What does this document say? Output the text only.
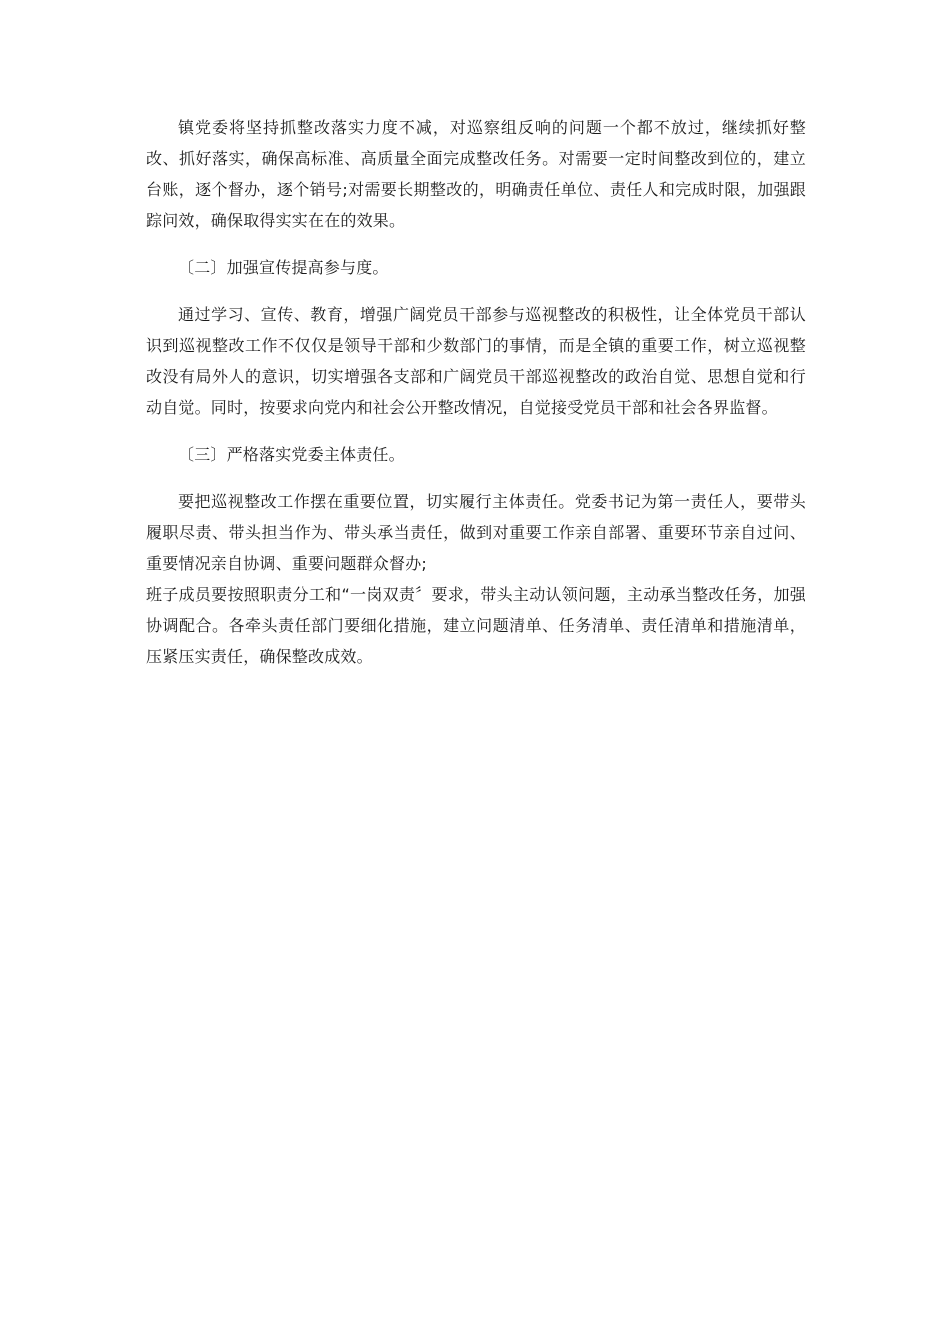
镇党委将坚持抓整改落实力度不减，对巡察组反响的问题一个都不放过，继续抓好整改、抓好落实，确保高标准、高质量全面完成整改任务。对需要一定时间整改到位的，建立台账，逐个督办，逐个销号;对需要长期整改的，明确责任单位、责任人和完成时限，加强跟踪问效，确保取得实实在在的效果。

〔二〕加强宣传提高参与度。

通过学习、宣传、教育，增强广阔党员干部参与巡视整改的积极性，让全体党员干部认识到巡视整改工作不仅仅是领导干部和少数部门的事情，而是全镇的重要工作，树立巡视整改没有局外人的意识，切实增强各支部和广阔党员干部巡视整改的政治自觉、思想自觉和行动自觉。同时，按要求向党内和社会公开整改情况，自觉接受党员干部和社会各界监督。

〔三〕严格落实党委主体责任。

要把巡视整改工作摆在重要位置，切实履行主体责任。党委书记为第一责任人，要带头履职尽责、带头担当作为、带头承当责任，做到对重要工作亲自部署、重要环节亲自过问、重要情况亲自协调、重要问题群众督办;

班子成员要按照职责分工和“一岗双责〞要求，带头主动认领问题，主动承当整改任务，加强协调配合。各牵头责任部门要细化措施，建立问题清单、任务清单、责任清单和措施清单，压紧压实责任，确保整改成效。
